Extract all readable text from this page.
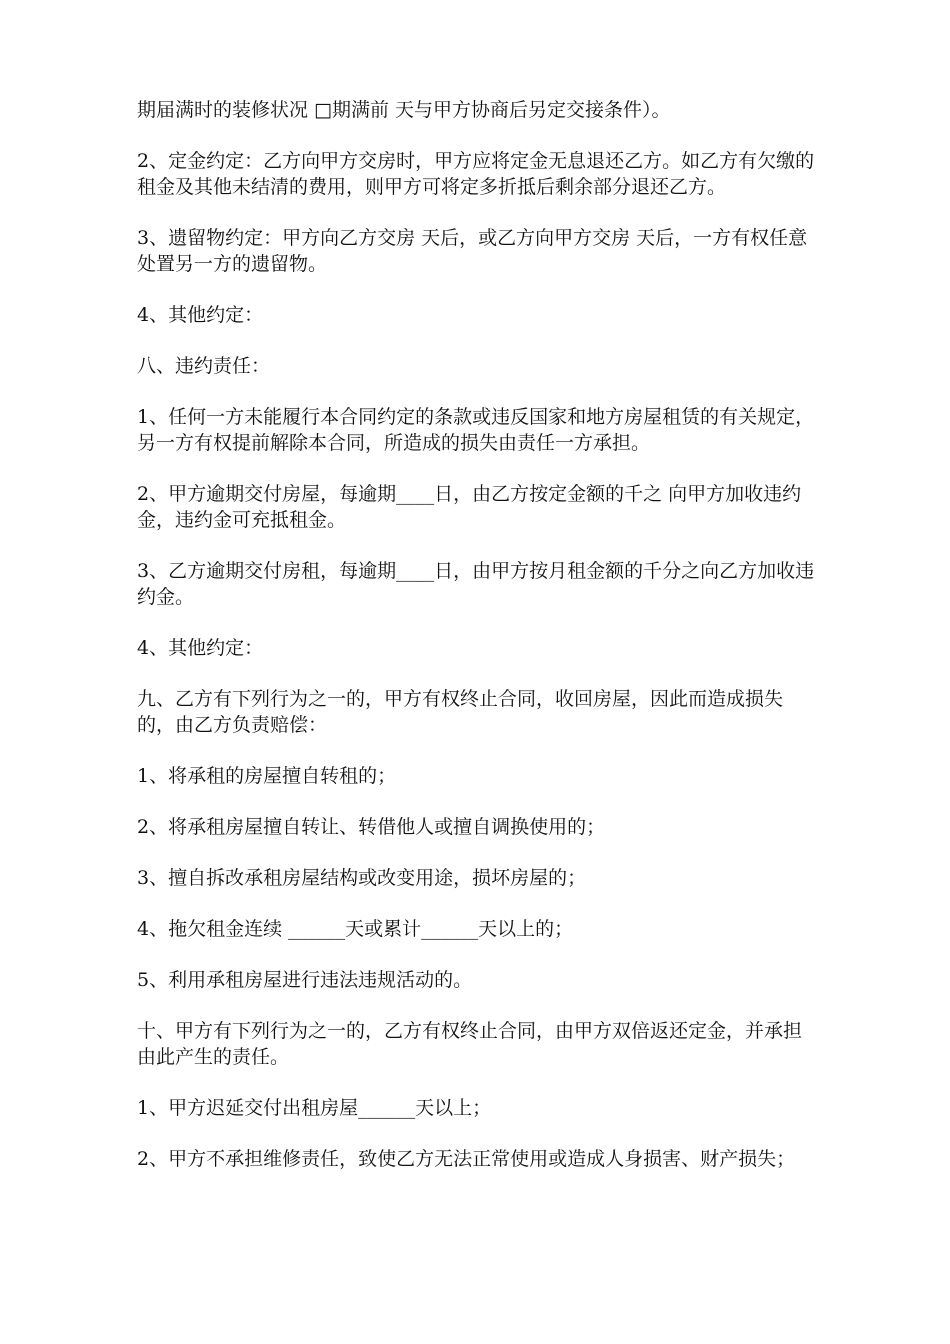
期届满时的装修状况 □期满前 天与甲方协商后另定交接条件）。

2、定金约定：乙方向甲方交房时，甲方应将定金无息退还乙方。如乙方有欠缴的租金及其他未结清的费用，则甲方可将定多折抵后剩余部分退还乙方。

3、遗留物约定：甲方向乙方交房 天后，或乙方向甲方交房 天后，一方有权任意处置另一方的遗留物。

4、其他约定：

八、违约责任：

1、任何一方未能履行本合同约定的条款或违反国家和地方房屋租赁的有关规定，另一方有权提前解除本合同，所造成的损失由责任一方承担。

2、甲方逾期交付房屋，每逾期____日，由乙方按定金额的千之 向甲方加收违约金，违约金可充抵租金。

3、乙方逾期交付房租，每逾期____日，由甲方按月租金额的千分之向乙方加收违约金。

4、其他约定：

九、乙方有下列行为之一的，甲方有权终止合同，收回房屋，因此而造成损失的，由乙方负责赔偿：

1、将承租的房屋擅自转租的；

2、将承租房屋擅自转让、转借他人或擅自调换使用的；

3、擅自拆改承租房屋结构或改变用途，损坏房屋的；

4、拖欠租金连续 ______天或累计______天以上的；

5、利用承租房屋进行违法违规活动的。

十、甲方有下列行为之一的，乙方有权终止合同，由甲方双倍返还定金，并承担由此产生的责任。

1、甲方迟延交付出租房屋______天以上；

2、甲方不承担维修责任，致使乙方无法正常使用或造成人身损害、财产损失；
